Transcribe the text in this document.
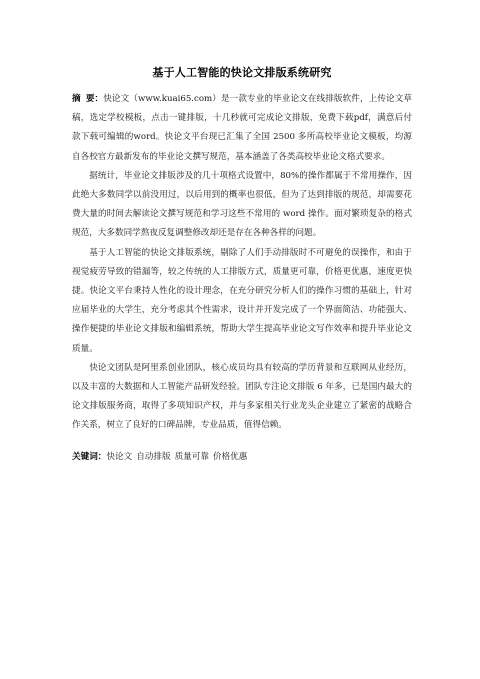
基于人工智能的快论文排版系统研究

摘要：快论文（www.kuai65.com）是一款专业的毕业论文在线排版软件，上传论文草稿，选定学校模板，点击一键排版，十几秒就可完成论文排版，免费下载pdf，满意后付款下载可编辑的word。快论文平台现已汇集了全国 2500 多所高校毕业论文模板，均源自各校官方最新发布的毕业论文撰写规范，基本涵盖了各类高校毕业论文格式要求。

据统计，毕业论文排版涉及的几十项格式设置中，80%的操作都属于不常用操作，因此绝大多数同学以前没用过，以后用到的概率也很低，但为了达到排版的规范，却需要花费大量的时间去解读论文撰写规范和学习这些不常用的 word 操作。面对繁琐复杂的格式规范，大多数同学熬夜反复调整修改却还是存在各种各样的问题。

基于人工智能的快论文排版系统，剔除了人们手动排版时不可避免的误操作，和由于视觉疲劳导致的错漏等，较之传统的人工排版方式，质量更可靠，价格更优惠，速度更快捷。快论文平台秉持人性化的设计理念，在充分研究分析人们的操作习惯的基础上，针对应届毕业的大学生，充分考虑其个性需求，设计并开发完成了一个界面简洁、功能强大、操作便捷的毕业论文排版和编辑系统，帮助大学生提高毕业论文写作效率和提升毕业论文质量。

快论文团队是阿里系创业团队，核心成员均具有较高的学历背景和互联网从业经历，以及丰富的大数据和人工智能产品研发经验。团队专注论文排版 6 年多，已是国内最大的论文排版服务商，取得了多项知识产权，并与多家相关行业龙头企业建立了紧密的战略合作关系，树立了良好的口碑品牌，专业品质，值得信赖。

关键词：快论文 自动排版 质量可靠 价格优惠
